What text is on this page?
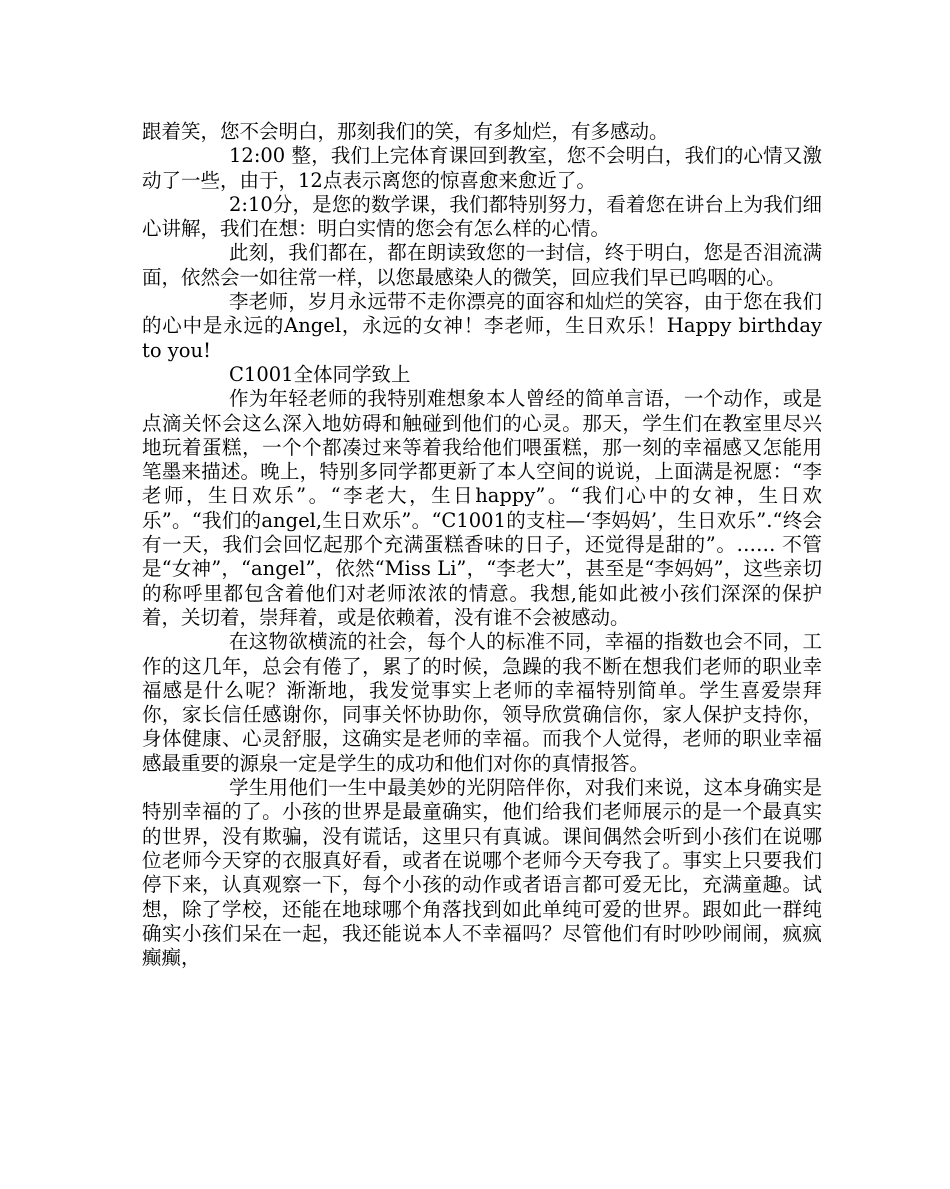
跟着笑，您不会明白，那刻我们的笑，有多灿烂，有多感动。

12:00 整，我们上完体育课回到教室，您不会明白，我们的心情又激动了一些，由于，12点表示离您的惊喜愈来愈近了。

2:10分，是您的数学课，我们都特别努力，看着您在讲台上为我们细心讲解，我们在想：明白实情的您会有怎么样的心情。

此刻，我们都在，都在朗读致您的一封信，终于明白，您是否泪流满面，依然会一如往常一样，以您最感染人的微笑，回应我们早已呜咽的心。

李老师，岁月永远带不走你漂亮的面容和灿烂的笑容，由于您在我们的心中是永远的Angel，永远的女神！李老师，生日欢乐！Happy birthday to you!

C1001全体同学致上

作为年轻老师的我特别难想象本人曾经的简单言语，一个动作，或是点滴关怀会这么深入地妨碍和触碰到他们的心灵。那天，学生们在教室里尽兴地玩着蛋糕，一个个都凑过来等着我给他们喂蛋糕，那一刻的幸福感又怎能用笔墨来描述。晚上，特别多同学都更新了本人空间的说说，上面满是祝愿：“李老师，生日欢乐”。“李老大，生日happy”。“我们心中的女神，生日欢乐”。“我们的angel,生日欢乐”。“C1001的支柱—‘李妈妈’，生日欢乐”.“终会有一天，我们会回忆起那个充满蛋糕香味的日子，还觉得是甜的”。…… 不管是“女神”，“angel”，依然“Miss Li”，“李老大”，甚至是“李妈妈”，这些亲切的称呼里都包含着他们对老师浓浓的情意。我想,能如此被小孩们深深的保护着，关切着，崇拜着，或是依赖着，没有谁不会被感动。

在这物欲横流的社会，每个人的标准不同，幸福的指数也会不同，工作的这几年，总会有倦了，累了的时候，急躁的我不断在想我们老师的职业幸福感是什么呢？渐渐地，我发觉事实上老师的幸福特别简单。学生喜爱崇拜你，家长信任感谢你，同事关怀协助你，领导欣赏确信你，家人保护支持你，身体健康、心灵舒服，这确实是老师的幸福。而我个人觉得，老师的职业幸福感最重要的源泉一定是学生的成功和他们对你的真情报答。

学生用他们一生中最美妙的光阴陪伴你，对我们来说，这本身确实是特别幸福的了。小孩的世界是最童确实，他们给我们老师展示的是一个最真实的世界，没有欺骗，没有谎话，这里只有真诚。课间偶然会听到小孩们在说哪位老师今天穿的衣服真好看，或者在说哪个老师今天夸我了。事实上只要我们停下来，认真观察一下，每个小孩的动作或者语言都可爱无比，充满童趣。试想，除了学校，还能在地球哪个角落找到如此单纯可爱的世界。跟如此一群纯确实小孩们呆在一起，我还能说本人不幸福吗？尽管他们有时吵吵闹闹，疯疯癫癫，
